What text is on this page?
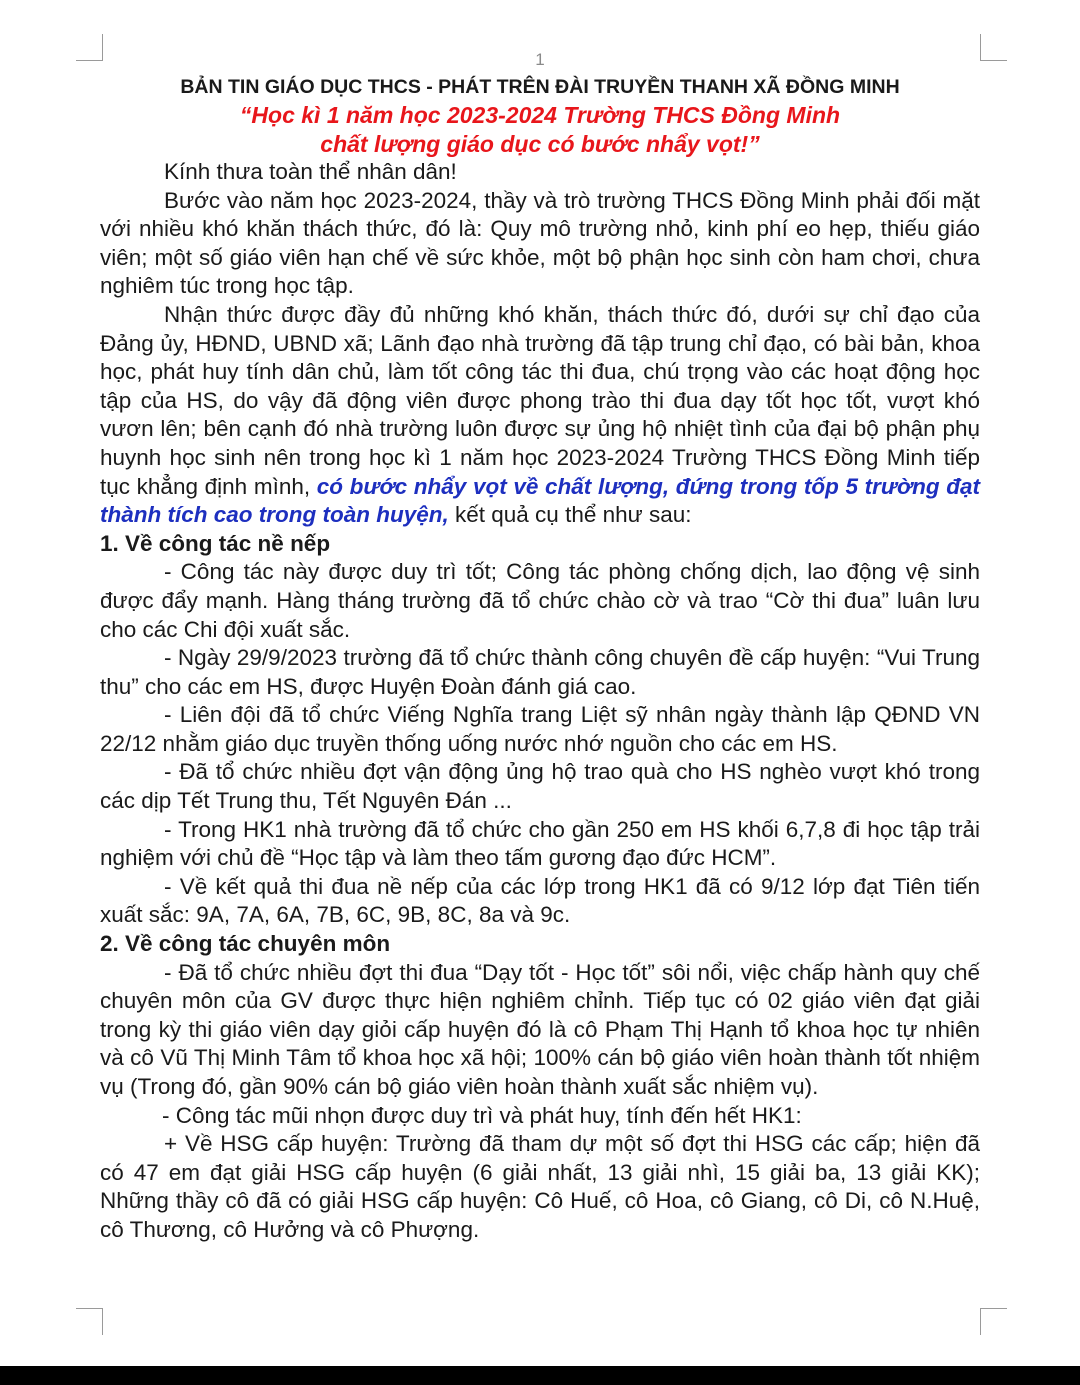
1
BẢN TIN GIÁO DỤC THCS - PHÁT TRÊN ĐÀI TRUYỀN THANH XÃ ĐỒNG MINH
“Học kì 1 năm học 2023-2024 Trường THCS Đồng Minh
chất lượng giáo dục có bước nhẩy vọt!”

Kính thưa toàn thể nhân dân!

Bước vào năm học 2023-2024, thầy và trò trường THCS Đồng Minh phải đối mặt với nhiều khó khăn thách thức, đó là: Quy mô trường nhỏ, kinh phí eo hẹp, thiếu giáo viên; một số giáo viên hạn chế về sức khỏe, một bộ phận học sinh còn ham chơi, chưa nghiêm túc trong học tập.

Nhận thức được đầy đủ những khó khăn, thách thức đó, dưới sự chỉ đạo của Đảng ủy, HĐND, UBND xã; Lãnh đạo nhà trường đã tập trung chỉ đạo, có bài bản, khoa học, phát huy tính dân chủ, làm tốt công tác thi đua, chú trọng vào các hoạt động học tập của HS, do vậy đã động viên được phong trào thi đua dạy tốt học tốt, vượt khó vươn lên; bên cạnh đó nhà trường luôn được sự ủng hộ nhiệt tình của đại bộ phận phụ huynh học sinh nên trong học kì 1 năm học 2023-2024 Trường THCS Đồng Minh tiếp tục khẳng định mình, có bước nhẩy vọt về chất lượng, đứng trong tốp 5 trường đạt thành tích cao trong toàn huyện, kết quả cụ thể như sau:

1. Về công tác nề nếp

- Công tác này được duy trì tốt; Công tác phòng chống dịch, lao động vệ sinh được đẩy mạnh. Hàng tháng trường đã tổ chức chào cờ và trao “Cờ thi đua” luân lưu cho các Chi đội xuất sắc.

- Ngày 29/9/2023 trường đã tổ chức thành công chuyên đề cấp huyện: “Vui Trung thu” cho các em HS, được Huyện Đoàn đánh giá cao.

- Liên đội đã tổ chức Viếng Nghĩa trang Liệt sỹ nhân ngày thành lập QĐND VN 22/12 nhằm giáo dục truyền thống uống nước nhớ nguồn cho các em HS.

- Đã tổ chức nhiều đợt vận động ủng hộ trao quà cho HS nghèo vượt khó trong các dịp Tết Trung thu, Tết Nguyên Đán ...

- Trong HK1 nhà trường đã tổ chức cho gần 250 em HS khối 6,7,8 đi học tập trải nghiệm với chủ đề “Học tập và làm theo tấm gương đạo đức HCM”.

- Về kết quả thi đua nề nếp của các lớp trong HK1 đã có 9/12 lớp đạt Tiên tiến xuất sắc: 9A, 7A, 6A, 7B, 6C, 9B, 8C, 8a và 9c.

2. Về công tác chuyên môn

- Đã tổ chức nhiều đợt thi đua “Dạy tốt - Học tốt” sôi nổi, việc chấp hành quy chế chuyên môn của GV được thực hiện nghiêm chỉnh. Tiếp tục có 02 giáo viên đạt giải trong kỳ thi giáo viên dạy giỏi cấp huyện đó là cô Phạm Thị Hạnh tổ khoa học tự nhiên và cô Vũ Thị Minh Tâm tổ khoa học xã hội; 100% cán bộ giáo viên hoàn thành tốt nhiệm vụ (Trong đó, gần 90% cán bộ giáo viên hoàn thành xuất sắc nhiệm vụ).

- Công tác mũi nhọn được duy trì và phát huy, tính đến hết HK1:

+ Về HSG cấp huyện: Trường đã tham dự một số đợt thi HSG các cấp; hiện đã có 47 em đạt giải HSG cấp huyện (6 giải nhất, 13 giải nhì, 15 giải ba, 13 giải KK); Những thầy cô đã có giải HSG cấp huyện: Cô Huế, cô Hoa, cô Giang, cô Di, cô N.Huệ, cô Thương, cô Hưởng và cô Phượng.
